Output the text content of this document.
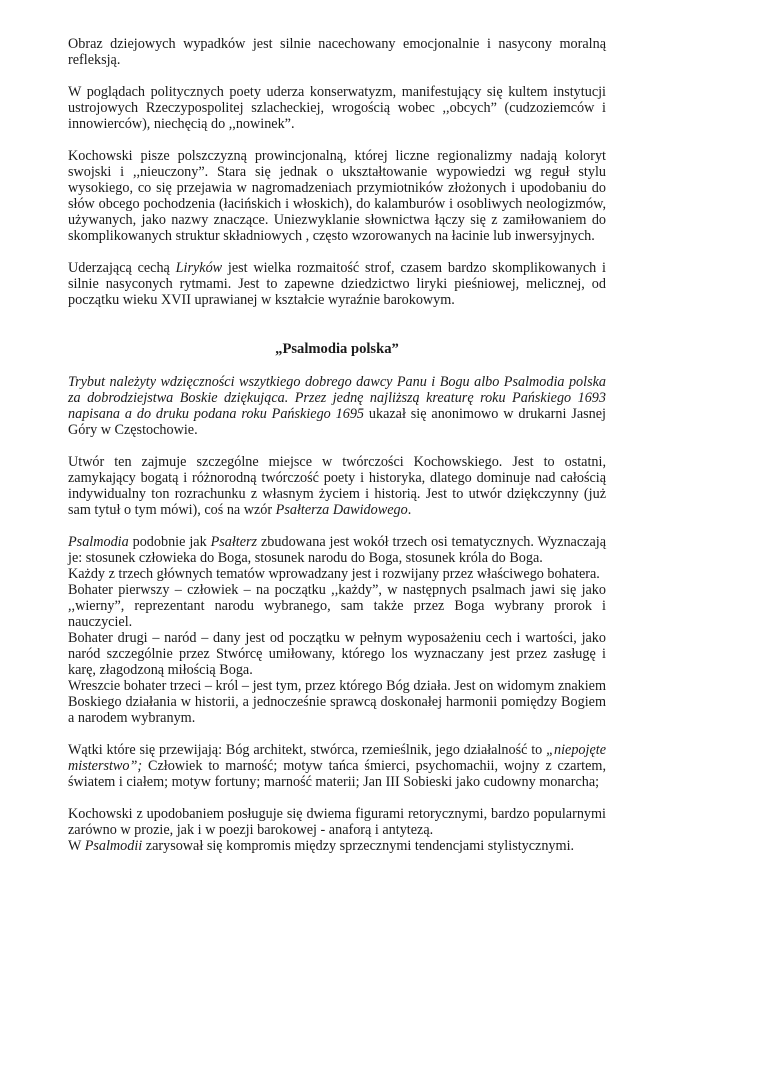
Obraz dziejowych wypadków jest silnie nacechowany emocjonalnie i nasycony moralną refleksją.

W poglądach politycznych poety uderza konserwatyzm, manifestujący się kultem instytucji ustrojowych Rzeczypospolitej szlacheckiej, wrogością wobec ,,obcych” (cudzoziemców i innowierców), niechęcią do ,,nowinek”.

Kochowski pisze polszczyzną prowincjonalną, której liczne regionalizmy nadają koloryt swojski i ,,nieuczony”. Stara się jednak o ukształtowanie wypowiedzi wg reguł stylu wysokiego, co się przejawia w nagromadzeniach przymiotników złożonych i upodobaniu do słów obcego pochodzenia (łacińskich i włoskich), do kalamburów i osobliwych neologizmów, używanych, jako nazwy znaczące. Uniezwyklanie słownictwa łączy się z zamiłowaniem do skomplikowanych struktur składniowych , często wzorowanych na łacinie lub inwersyjnych.

Uderzającą cechą Liryków jest wielka rozmaitość strof, czasem bardzo skomplikowanych i silnie nasyconych rytmami. Jest to zapewne dziedzictwo liryki pieśniowej, melicznej, od początku wieku XVII uprawianej w kształcie wyraźnie barokowym.

„Psalmodia polska”

Trybut należyty wdzięczności wszytkiego dobrego dawcy Panu i Bogu albo Psalmodia polska za dobrodziejstwa Boskie dziękująca. Przez jednę najliższą kreaturę roku Pańskiego 1693 napisana a do druku podana roku Pańskiego 1695 ukazał się anonimowo w drukarni Jasnej Góry w Częstochowie.

Utwór ten zajmuje szczególne miejsce w twórczości Kochowskiego. Jest to ostatni, zamykający bogatą i różnorodną twórczość poety i historyka, dlatego dominuje nad całością indywidualny ton rozrachunku z własnym życiem i historią. Jest to utwór dziękczynny (już sam tytuł o tym mówi), coś na wzór Psałterza Dawidowego.

Psalmodia podobnie jak Psałterz zbudowana jest wokół trzech osi tematycznych. Wyznaczają je: stosunek człowieka do Boga, stosunek narodu do Boga, stosunek króla do Boga.

Każdy z trzech głównych tematów wprowadzany jest i rozwijany przez właściwego bohatera.

Bohater pierwszy – człowiek – na początku ,,każdy”, w następnych psalmach jawi się jako ,,wierny”, reprezentant narodu wybranego, sam także przez Boga wybrany prorok i nauczyciel.

Bohater drugi – naród – dany jest od początku w pełnym wyposażeniu cech i wartości, jako naród szczególnie przez Stwórcę umiłowany, którego los wyznaczany jest przez zasługę i karę, złagodzoną miłością Boga.

Wreszcie bohater trzeci – król – jest tym, przez którego Bóg działa. Jest on widomym znakiem Boskiego działania w historii, a jednocześnie sprawcą doskonałej harmonii pomiędzy Bogiem a narodem wybranym.

Wątki które się przewijają: Bóg architekt, stwórca, rzemieślnik, jego działalność to „niepojęte misterstwo”; Człowiek to marność; motyw tańca śmierci, psychomachii, wojny z czartem, światem i ciałem; motyw fortuny; marność materii; Jan III Sobieski jako cudowny monarcha;

Kochowski z upodobaniem posługuje się dwiema figurami retorycznymi, bardzo popularnymi zarówno w prozie, jak i w poezji barokowej - anaforą i antytezą.

W Psalmodii zarysował się kompromis między sprzecznymi tendencjami stylistycznymi.
